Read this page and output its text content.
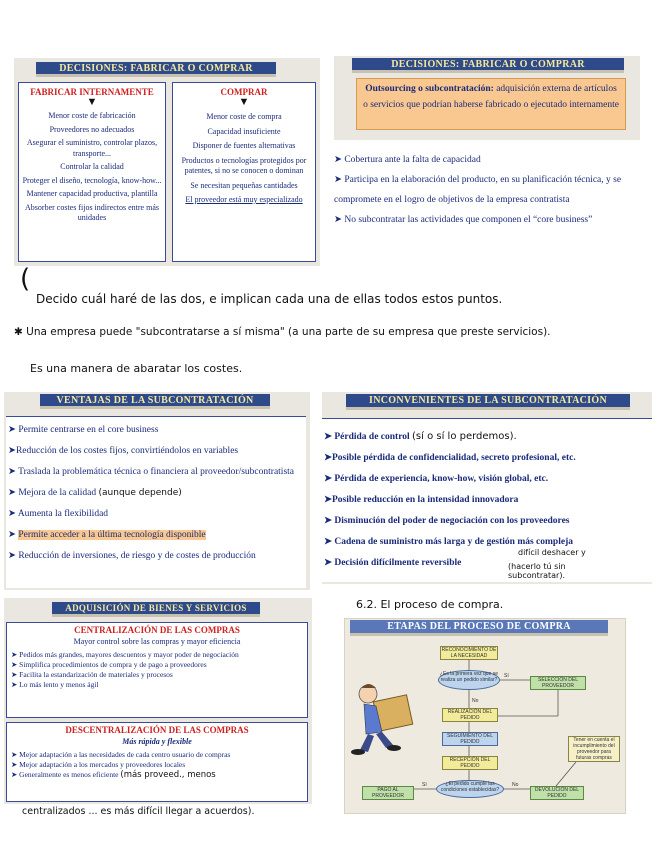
DECISIONES: FABRICAR O COMPRAR
FABRICAR INTERNAMENTE
▼
Menor coste de fabricación
Proveedores no adecuados
Asegurar el suministro, controlar plazos, transporte...
Controlar la calidad
Proteger el diseño, tecnología, know-how...
Mantener capacidad productiva, plantilla
Absorber costes fijos indirectos entre más unidades
COMPRAR
▼
Menor coste de compra
Capacidad insuficiente
Disponer de fuentes alternativas
Productos o tecnologías protegidos por patentes, si no se conocen o dominan
Se necesitan pequeñas cantidades
El proveedor está muy especializado
DECISIONES: FABRICAR O COMPRAR
Outsourcing o subcontratación: adquisición externa de artículos o servicios que podrían haberse fabricado o ejecutado internamente
➤ Cobertura ante la falta de capacidad
➤ Participa en la elaboración del producto, en su planificación técnica, y se compromete en el logro de objetivos de la empresa contratista
➤ No subcontratar las actividades que componen el “core business”
(
Decido cuál haré de las dos, e implican cada una de ellas todos estos puntos.
✱ Una empresa puede "subcontratarse a sí misma" (a una parte de su empresa que preste servicios).
Es una manera de abaratar los costes.
VENTAJAS DE LA SUBCONTRATACIÓN
➤ Permite centrarse en el core business
➤Reducción de los costes fijos, convirtiéndolos en variables
➤ Traslada la problemática técnica o financiera al proveedor/subcontratista
➤ Mejora de la calidad (aunque depende)
➤ Aumenta la flexibilidad
➤ Permite acceder a la última tecnología disponible
➤ Reducción de inversiones, de riesgo y de costes de producción
INCONVENIENTES DE LA SUBCONTRATACIÓN
➤ Pérdida de control (sí o sí lo perdemos).
➤Posible pérdida de confidencialidad, secreto profesional, etc.
➤ Pérdida de experiencia, know-how, visión global, etc.
➤Posible reducción en la intensidad innovadora
➤ Disminución del poder de negociación con los proveedores
➤ Cadena de suministro más larga y de gestión más compleja
➤ Decisión difícilmente reversible
difícil deshacer y
(hacerlo tú sin subcontratar).
ADQUISICIÓN DE BIENES Y SERVICIOS
CENTRALIZACIÓN DE LAS COMPRAS
Mayor control sobre las compras y mayor eficiencia
➤ Pedidos más grandes, mayores descuentos y mayor poder de negociación
➤ Simplifica procedimientos de compra y de pago a proveedores
➤ Facilita la estandarización de materiales y procesos
➤ Lo más lento y menos ágil
DESCENTRALIZACIÓN DE LAS COMPRAS
Más rápida y flexible
➤ Mejor adaptación a las necesidades de cada centro usuario de compras
➤ Mejor adaptación a los mercados y proveedores locales
➤ Generalmente es menos eficiente (más proveed., menos
centralizados ... es más difícil llegar a acuerdos).
6.2. El proceso de compra.
ETAPAS DEL PROCESO DE COMPRA
RECONOCIMIENTO DE LA NECESIDAD
¿Es la primera vez que se realiza un pedido similar?	SELECCIÓN DEL PROVEEDOR
REALIZACIÓN DEL PEDIDO
SEGUIMIENTO DEL PEDIDO
RECEPCIÓN DEL PEDIDO
¿El pedido cumple las condiciones establecidas?
PAGO AL PROVEEDOR
DEVOLUCIÓN DEL PEDIDO
Tener en cuenta el incumplimiento del proveedor para futuras compras
Sí
No
Sí	No
